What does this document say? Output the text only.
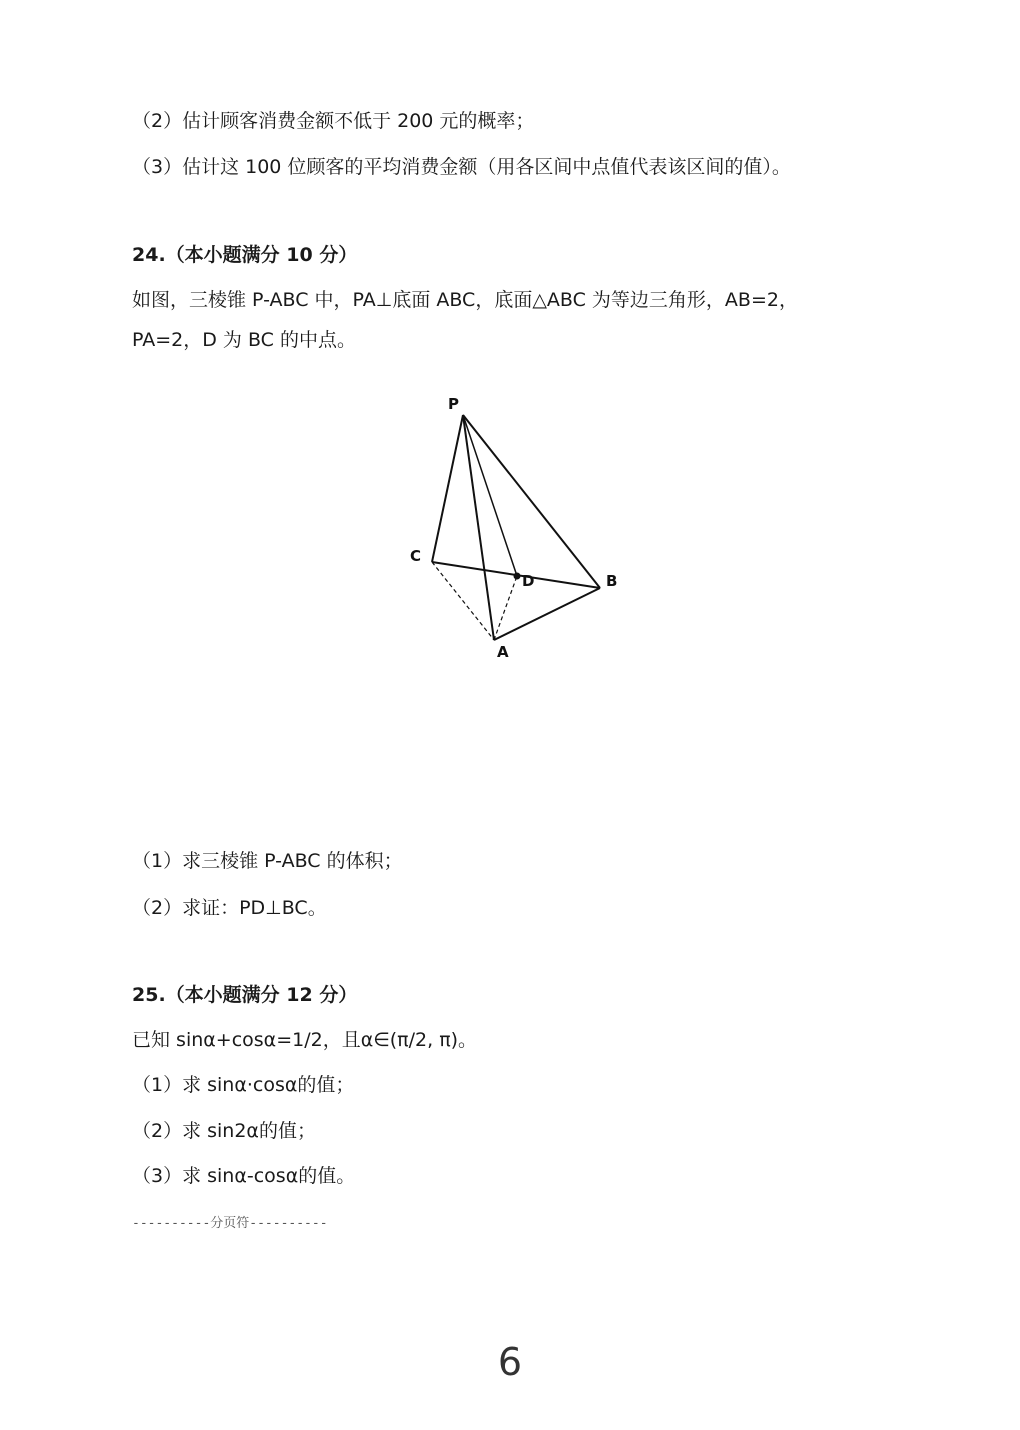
（2）估计顾客消费金额不低于 200 元的概率；
（3）估计这 100 位顾客的平均消费金额（用各区间中点值代表该区间的值）。
24.（本小题满分 10 分）
如图，三棱锥 P-ABC 中，PA⊥底面 ABC，底面△ABC 为等边三角形，AB=2，
PA=2，D 为 BC 的中点。
P
C
D	B
A
（1）求三棱锥 P-ABC 的体积；
（2）求证：PD⊥BC。
25.（本小题满分 12 分）
已知 sinα+cosα=1/2，且α∈(π/2, π)。
（1）求 sinα·cosα的值；
（2）求 sin2α的值；
（3）求 sinα-cosα的值。
----------分页符----------
6
